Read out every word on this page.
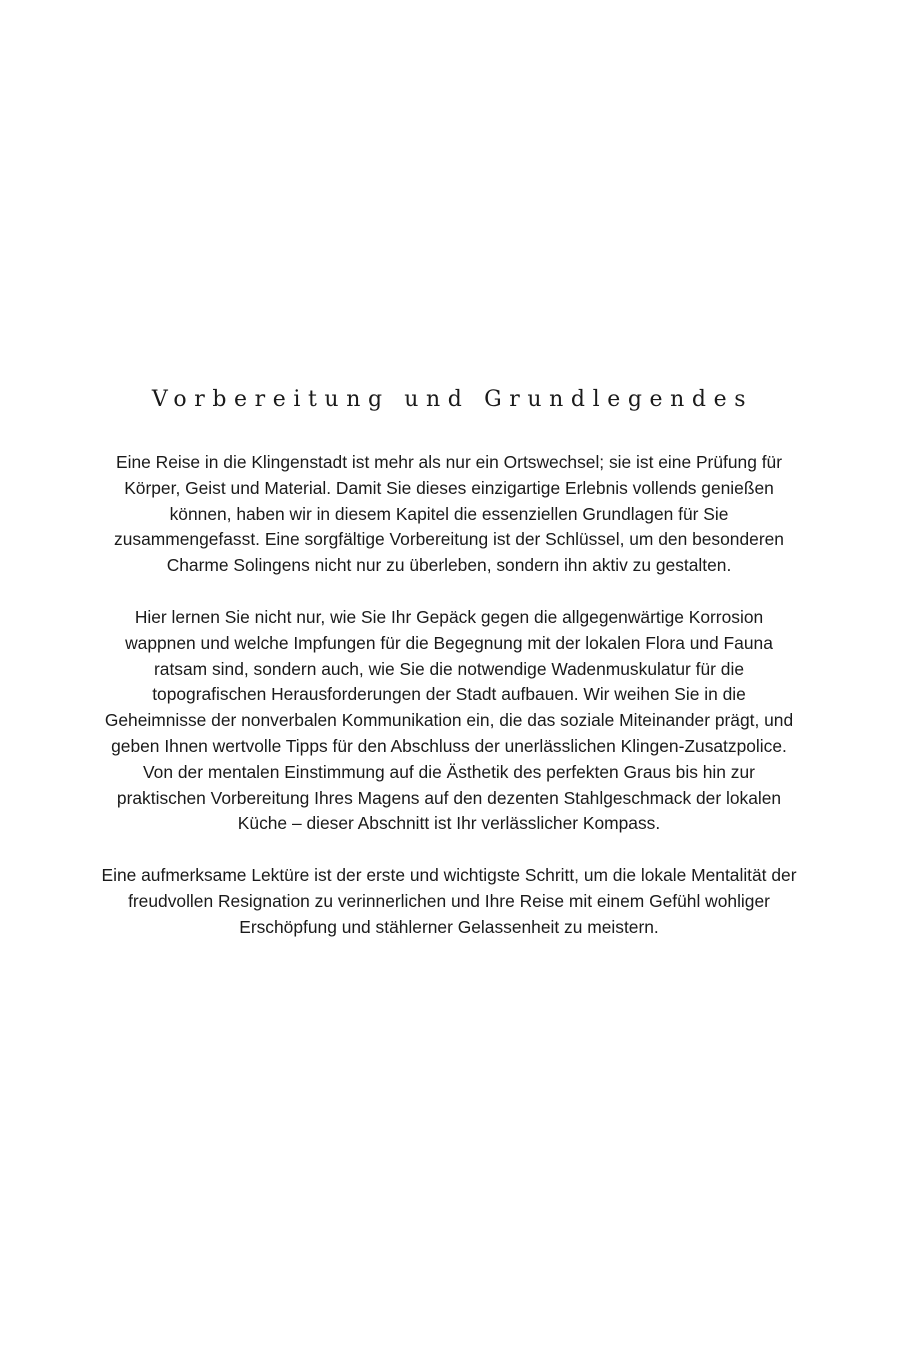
Vorbereitung und Grundlegendes

Eine Reise in die Klingenstadt ist mehr als nur ein Ortswechsel; sie ist eine Prüfung für Körper, Geist und Material. Damit Sie dieses einzigartige Erlebnis vollends genießen können, haben wir in diesem Kapitel die essenziellen Grundlagen für Sie zusammengefasst. Eine sorgfältige Vorbereitung ist der Schlüssel, um den besonderen Charme Solingens nicht nur zu überleben, sondern ihn aktiv zu gestalten.

Hier lernen Sie nicht nur, wie Sie Ihr Gepäck gegen die allgegenwärtige Korrosion wappnen und welche Impfungen für die Begegnung mit der lokalen Flora und Fauna ratsam sind, sondern auch, wie Sie die notwendige Wadenmuskulatur für die topografischen Herausforderungen der Stadt aufbauen. Wir weihen Sie in die Geheimnisse der nonverbalen Kommunikation ein, die das soziale Miteinander prägt, und geben Ihnen wertvolle Tipps für den Abschluss der unerlässlichen Klingen-Zusatzpolice. Von der mentalen Einstimmung auf die Ästhetik des perfekten Graus bis hin zur praktischen Vorbereitung Ihres Magens auf den dezenten Stahlgeschmack der lokalen Küche – dieser Abschnitt ist Ihr verlässlicher Kompass.

Eine aufmerksame Lektüre ist der erste und wichtigste Schritt, um die lokale Mentalität der freudvollen Resignation zu verinnerlichen und Ihre Reise mit einem Gefühl wohliger Erschöpfung und stählerner Gelassenheit zu meistern.
